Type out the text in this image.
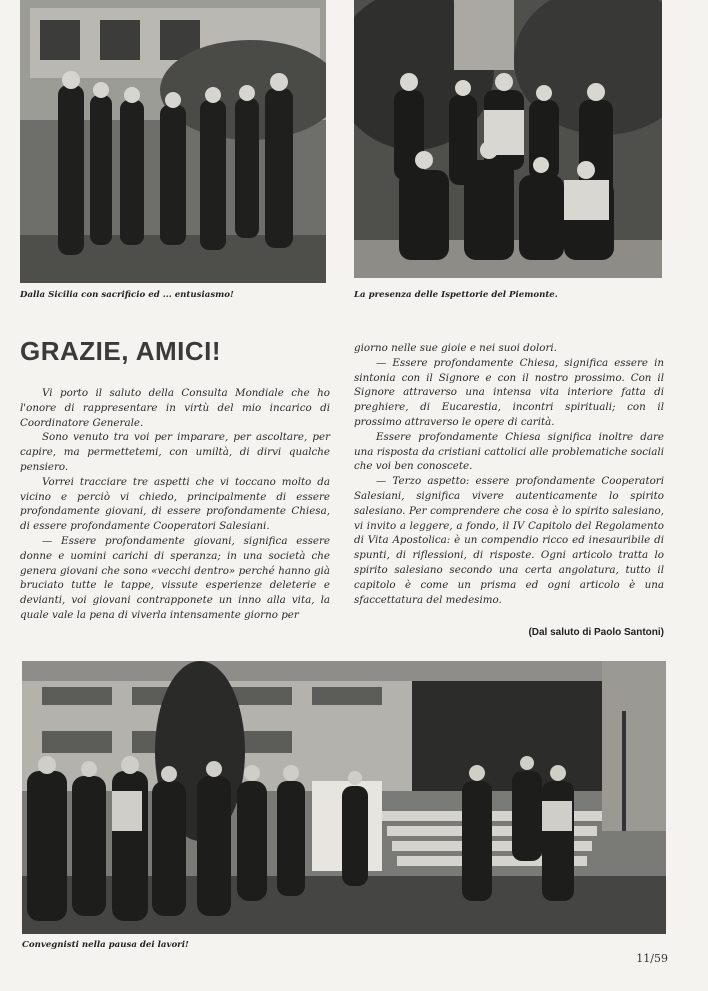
Dalla Sicilia con sacrificio ed ... entusiasmo!	La presenza delle Ispettorie del Piemonte.
GRAZIE, AMICI!

Vi porto il saluto della Consulta Mondiale che ho l'onore di rappresentare in virtù del mio incarico di Coordinatore Generale.

Sono venuto tra voi per imparare, per ascoltare, per capire, ma permettetemi, con umiltà, di dirvi qualche pensiero.

Vorrei tracciare tre aspetti che vi toccano molto da vicino e perciò vi chiedo, principalmente di essere profondamente giovani, di essere profondamente Chiesa, di essere profondamente Cooperatori Salesiani.

— Essere profondamente giovani, significa essere donne e uomini carichi di speranza; in una società che genera giovani che sono «vecchi dentro» perché hanno già bruciato tutte le tappe, vissute esperienze deleterie e devianti, voi giovani contrapponete un inno alla vita, la quale vale la pena di viverla intensamente giorno per

giorno nelle sue gioie e nei suoi dolori.

— Essere profondamente Chiesa, significa essere in sintonia con il Signore e con il nostro prossimo. Con il Signore attraverso una intensa vita interiore fatta di preghiere, di Eucarestia, incontri spirituali; con il prossimo attraverso le opere di carità.

Essere profondamente Chiesa significa inoltre dare una risposta da cristiani cattolici alle problematiche sociali che voi ben conoscete.

— Terzo aspetto: essere profondamente Cooperatori Salesiani, significa vivere autenticamente lo spirito salesiano. Per comprendere che cosa è lo spirito salesiano, vi invito a leggere, a fondo, il IV Capitolo del Regolamento di Vita Apostolica: è un compendio ricco ed inesauribile di spunti, di riflessioni, di risposte. Ogni articolo tratta lo spirito salesiano secondo una certa angolatura, tutto il capitolo è come un prisma ed ogni articolo è una sfaccettatura del medesimo.

(Dal saluto di Paolo Santoni)
Convegnisti nella pausa dei lavori!
11/59
